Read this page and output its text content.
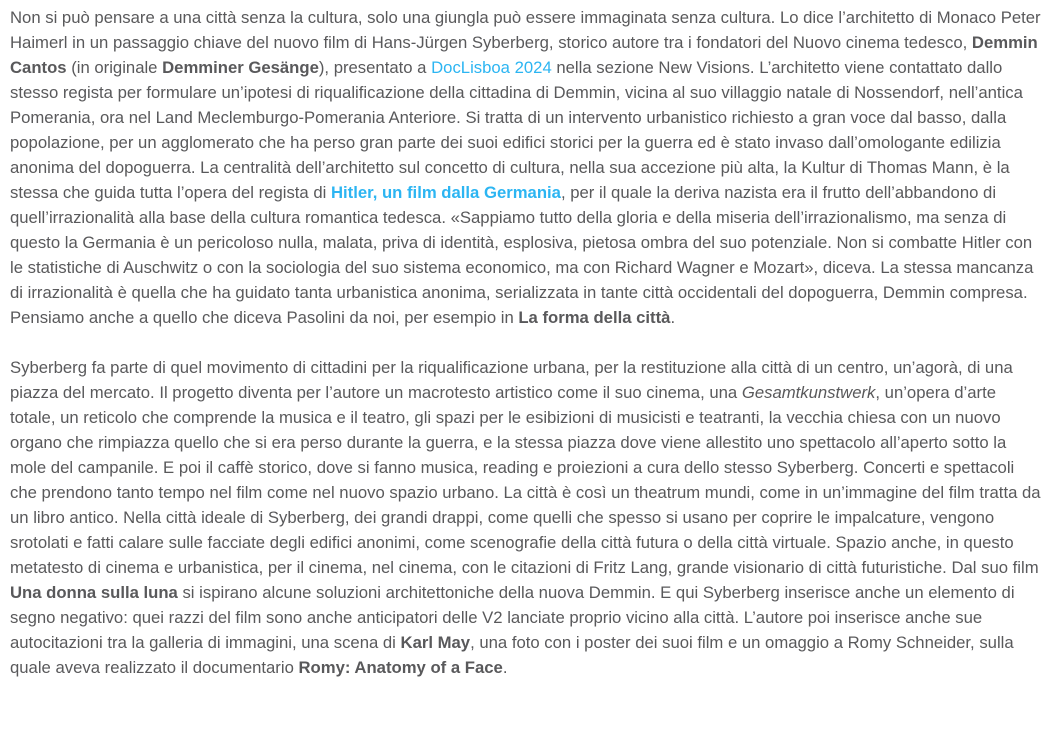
Non si può pensare a una città senza la cultura, solo una giungla può essere immaginata senza cultura. Lo dice l’architetto di Monaco Peter Haimerl in un passaggio chiave del nuovo film di Hans-Jürgen Syberberg, storico autore tra i fondatori del Nuovo cinema tedesco, Demmin Cantos (in originale Demminer Gesänge), presentato a DocLisboa 2024 nella sezione New Visions. L’architetto viene contattato dallo stesso regista per formulare un’ipotesi di riqualificazione della cittadina di Demmin, vicina al suo villaggio natale di Nossendorf, nell’antica Pomerania, ora nel Land Meclemburgo-Pomerania Anteriore. Si tratta di un intervento urbanistico richiesto a gran voce dal basso, dalla popolazione, per un agglomerato che ha perso gran parte dei suoi edifici storici per la guerra ed è stato invaso dall’omologante edilizia anonima del dopoguerra. La centralità dell’architetto sul concetto di cultura, nella sua accezione più alta, la Kultur di Thomas Mann, è la stessa che guida tutta l’opera del regista di Hitler, un film dalla Germania, per il quale la deriva nazista era il frutto dell’abbandono di quell’irrazionalità alla base della cultura romantica tedesca. «Sappiamo tutto della gloria e della miseria dell’irrazionalismo, ma senza di questo la Germania è un pericoloso nulla, malata, priva di identità, esplosiva, pietosa ombra del suo potenziale. Non si combatte Hitler con le statistiche di Auschwitz o con la sociologia del suo sistema economico, ma con Richard Wagner e Mozart», diceva. La stessa mancanza di irrazionalità è quella che ha guidato tanta urbanistica anonima, serializzata in tante città occidentali del dopoguerra, Demmin compresa. Pensiamo anche a quello che diceva Pasolini da noi, per esempio in La forma della città.

Syberberg fa parte di quel movimento di cittadini per la riqualificazione urbana, per la restituzione alla città di un centro, un’agorà, di una piazza del mercato. Il progetto diventa per l’autore un macrotesto artistico come il suo cinema, una Gesamtkunstwerk, un’opera d’arte totale, un reticolo che comprende la musica e il teatro, gli spazi per le esibizioni di musicisti e teatranti, la vecchia chiesa con un nuovo organo che rimpiazza quello che si era perso durante la guerra, e la stessa piazza dove viene allestito uno spettacolo all’aperto sotto la mole del campanile. E poi il caffè storico, dove si fanno musica, reading e proiezioni a cura dello stesso Syberberg. Concerti e spettacoli che prendono tanto tempo nel film come nel nuovo spazio urbano. La città è così un theatrum mundi, come in un’immagine del film tratta da un libro antico. Nella città ideale di Syberberg, dei grandi drappi, come quelli che spesso si usano per coprire le impalcature, vengono srotolati e fatti calare sulle facciate degli edifici anonimi, come scenografie della città futura o della città virtuale. Spazio anche, in questo metatesto di cinema e urbanistica, per il cinema, nel cinema, con le citazioni di Fritz Lang, grande visionario di città futuristiche. Dal suo film Una donna sulla luna si ispirano alcune soluzioni architettoniche della nuova Demmin. E qui Syberberg inserisce anche un elemento di segno negativo: quei razzi del film sono anche anticipatori delle V2 lanciate proprio vicino alla città. L’autore poi inserisce anche sue autocitazioni tra la galleria di immagini, una scena di Karl May, una foto con i poster dei suoi film e un omaggio a Romy Schneider, sulla quale aveva realizzato il documentario Romy: Anatomy of a Face.
